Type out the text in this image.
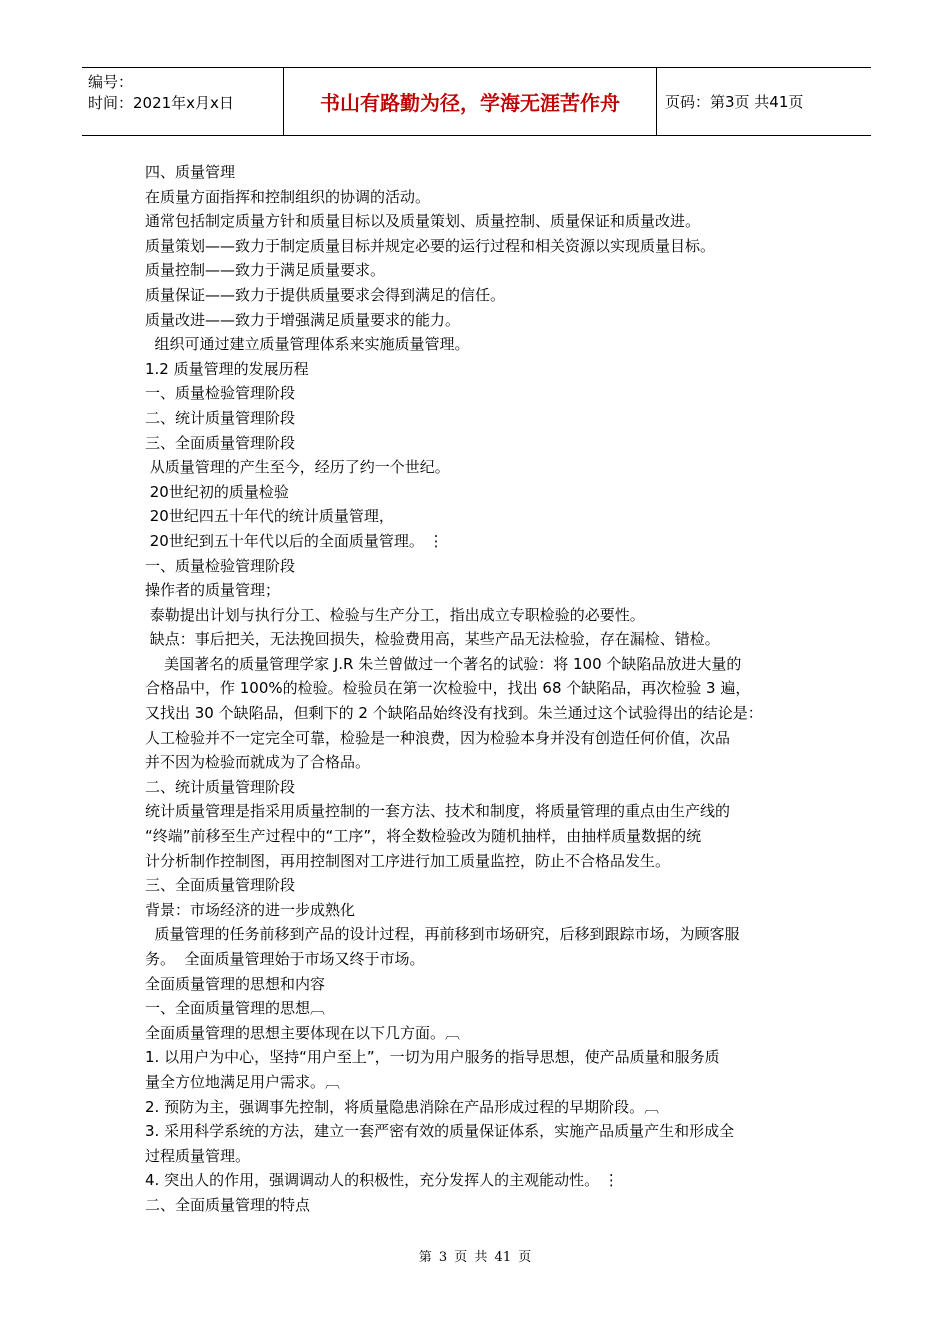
编号：
时间：2021年x月x日	书山有路勤为径，学海无涯苦作舟	页码：第3页 共41页
四、质量管理
在质量方面指挥和控制组织的协调的活动。
通常包括制定质量方针和质量目标以及质量策划、质量控制、质量保证和质量改进。
质量策划——致力于制定质量目标并规定必要的运行过程和相关资源以实现质量目标。
质量控制——致力于满足质量要求。
质量保证——致力于提供质量要求会得到满足的信任。
质量改进——致力于增强满足质量要求的能力。
组织可通过建立质量管理体系来实施质量管理。
1.2 质量管理的发展历程
一、质量检验管理阶段
二、统计质量管理阶段
三、全面质量管理阶段
从质量管理的产生至今，经历了约一个世纪。
20世纪初的质量检验
20世纪四五十年代的统计质量管理，
20世纪到五十年代以后的全面质量管理。 ⋮
一、质量检验管理阶段
操作者的质量管理；
泰勒提出计划与执行分工、检验与生产分工，指出成立专职检验的必要性。
缺点：事后把关，无法挽回损失，检验费用高，某些产品无法检验，存在漏检、错检。
美国著名的质量管理学家 J.R 朱兰曾做过一个著名的试验：将 100 个缺陷品放进大量的
合格品中，作 100%的检验。检验员在第一次检验中，找出 68 个缺陷品，再次检验 3 遍，
又找出 30 个缺陷品，但剩下的 2 个缺陷品始终没有找到。朱兰通过这个试验得出的结论是：
人工检验并不一定完全可靠，检验是一种浪费，因为检验本身并没有创造任何价值，次品
并不因为检验而就成为了合格品。
二、统计质量管理阶段
统计质量管理是指采用质量控制的一套方法、技术和制度，将质量管理的重点由生产线的
“终端”前移至生产过程中的“工序”，将全数检验改为随机抽样，由抽样质量数据的统
计分析制作控制图，再用控制图对工序进行加工质量监控，防止不合格品发生。
三、全面质量管理阶段
背景：市场经济的进一步成熟化
质量管理的任务前移到产品的设计过程，再前移到市场研究，后移到跟踪市场，为顾客服
务。  全面质量管理始于市场又终于市场。
全面质量管理的思想和内容
一、全面质量管理的思想︹
全面质量管理的思想主要体现在以下几方面。︹
1. 以用户为中心，坚持“用户至上”，一切为用户服务的指导思想，使产品质量和服务质
量全方位地满足用户需求。︹
2. 预防为主，强调事先控制，将质量隐患消除在产品形成过程的早期阶段。︹
3. 采用科学系统的方法，建立一套严密有效的质量保证体系，实施产品质量产生和形成全
过程质量管理。
4. 突出人的作用，强调调动人的积极性，充分发挥人的主观能动性。 ⋮
二、全面质量管理的特点
第 3 页 共 41 页
